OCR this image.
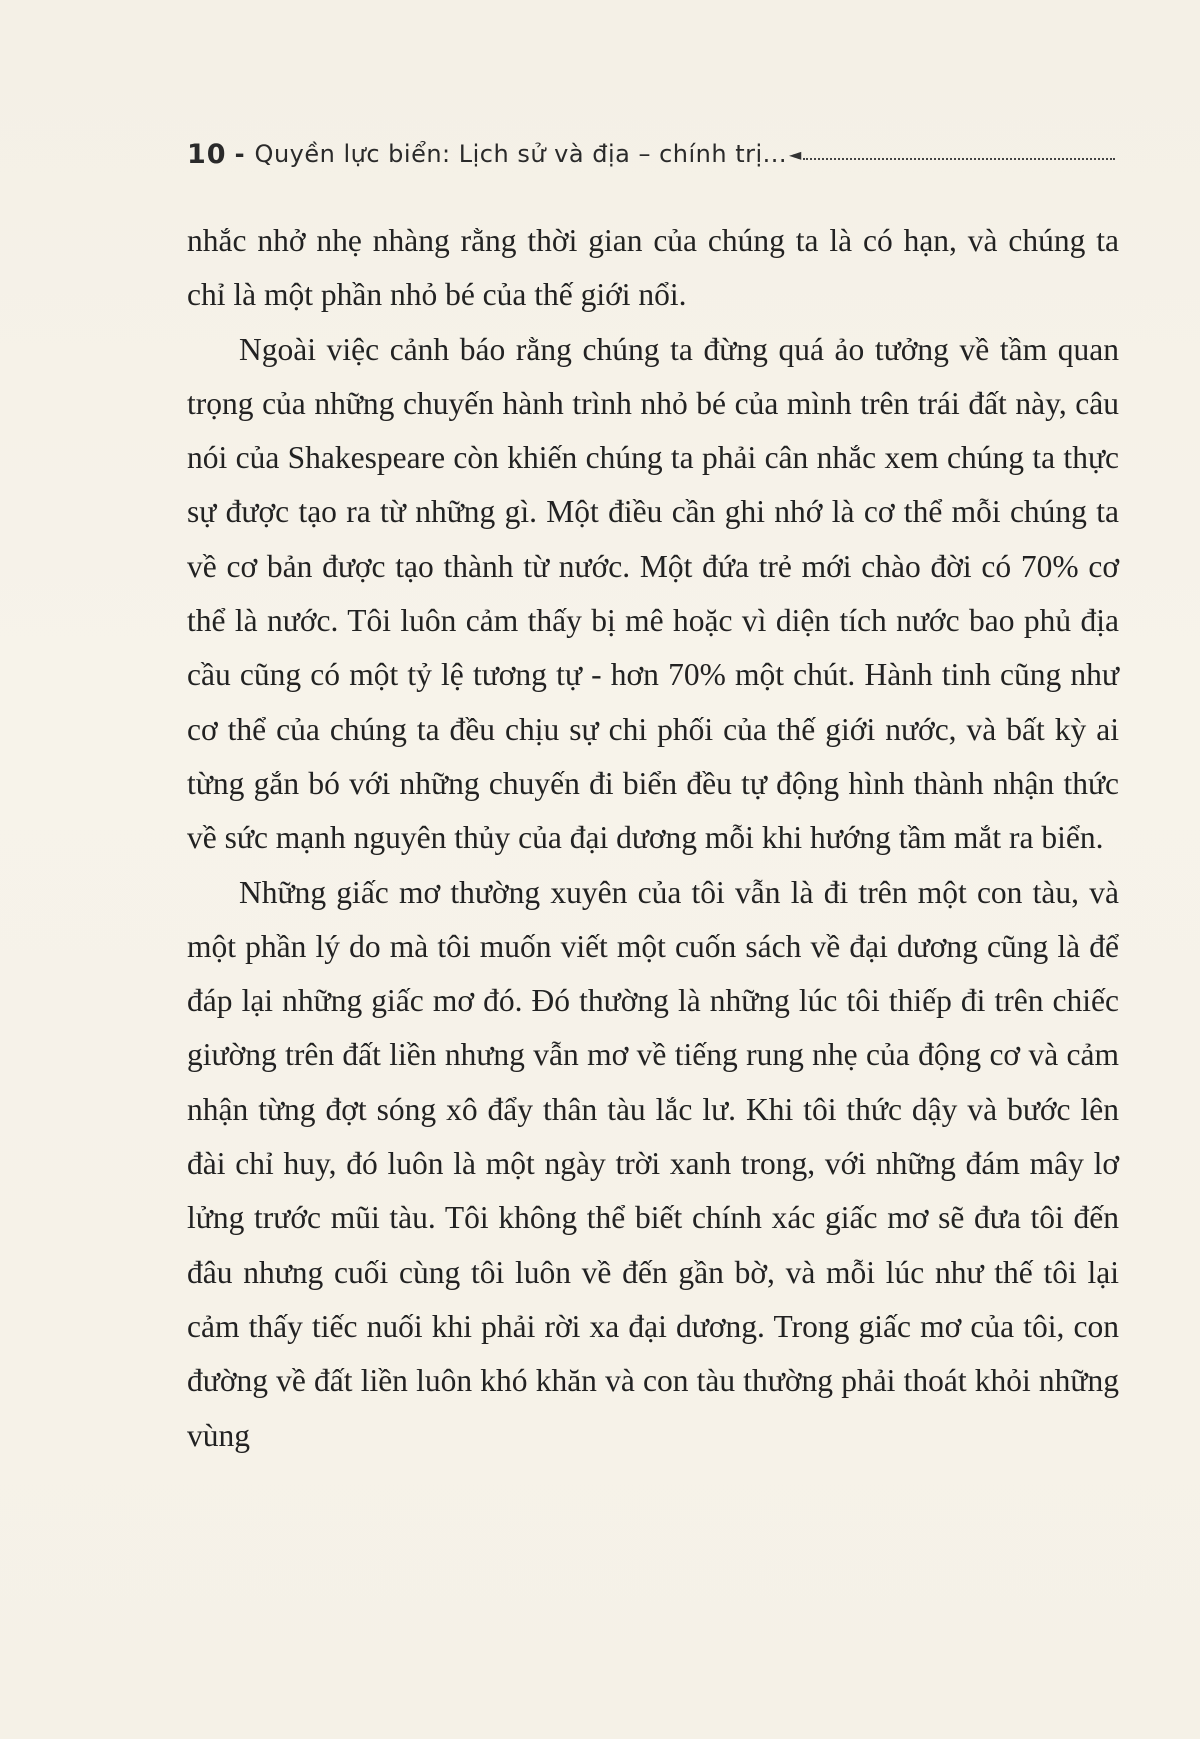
10 - Quyền lực biển: Lịch sử và địa – chính trị... ◄

nhắc nhở nhẹ nhàng rằng thời gian của chúng ta là có hạn, và chúng ta chỉ là một phần nhỏ bé của thế giới nổi.

Ngoài việc cảnh báo rằng chúng ta đừng quá ảo tưởng về tầm quan trọng của những chuyến hành trình nhỏ bé của mình trên trái đất này, câu nói của Shakespeare còn khiến chúng ta phải cân nhắc xem chúng ta thực sự được tạo ra từ những gì. Một điều cần ghi nhớ là cơ thể mỗi chúng ta về cơ bản được tạo thành từ nước. Một đứa trẻ mới chào đời có 70% cơ thể là nước. Tôi luôn cảm thấy bị mê hoặc vì diện tích nước bao phủ địa cầu cũng có một tỷ lệ tương tự - hơn 70% một chút. Hành tinh cũng như cơ thể của chúng ta đều chịu sự chi phối của thế giới nước, và bất kỳ ai từng gắn bó với những chuyến đi biển đều tự động hình thành nhận thức về sức mạnh nguyên thủy của đại dương mỗi khi hướng tầm mắt ra biển.

Những giấc mơ thường xuyên của tôi vẫn là đi trên một con tàu, và một phần lý do mà tôi muốn viết một cuốn sách về đại dương cũng là để đáp lại những giấc mơ đó. Đó thường là những lúc tôi thiếp đi trên chiếc giường trên đất liền nhưng vẫn mơ về tiếng rung nhẹ của động cơ và cảm nhận từng đợt sóng xô đẩy thân tàu lắc lư. Khi tôi thức dậy và bước lên đài chỉ huy, đó luôn là một ngày trời xanh trong, với những đám mây lơ lửng trước mũi tàu. Tôi không thể biết chính xác giấc mơ sẽ đưa tôi đến đâu nhưng cuối cùng tôi luôn về đến gần bờ, và mỗi lúc như thế tôi lại cảm thấy tiếc nuối khi phải rời xa đại dương. Trong giấc mơ của tôi, con đường về đất liền luôn khó khăn và con tàu thường phải thoát khỏi những vùng
